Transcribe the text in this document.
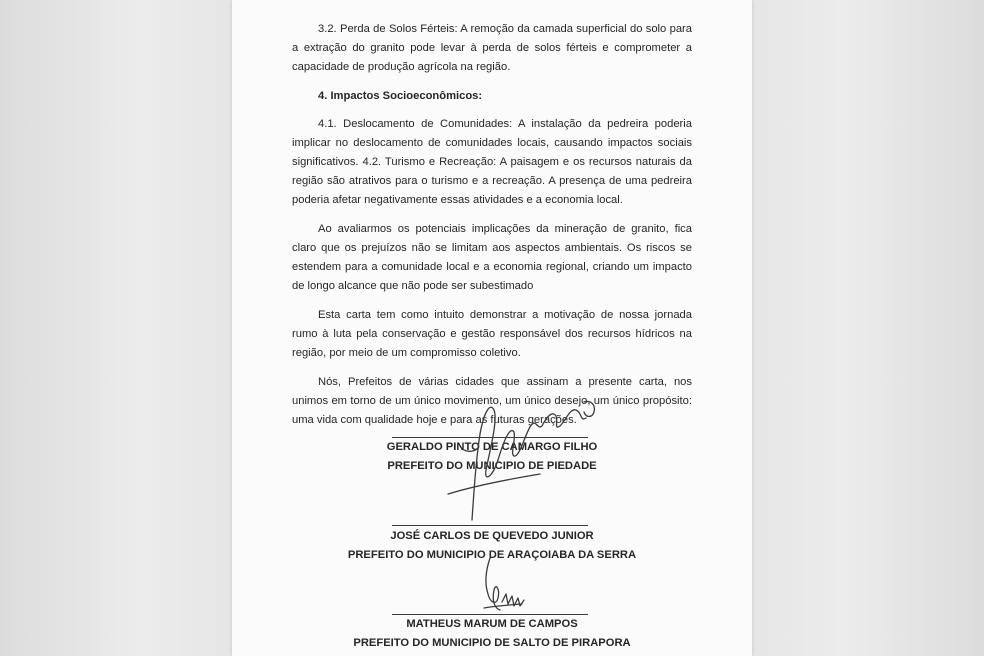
3.2. Perda de Solos Férteis: A remoção da camada superficial do solo para a extração do granito pode levar à perda de solos férteis e comprometer a capacidade de produção agrícola na região.

4. Impactos Socioeconômicos:

4.1. Deslocamento de Comunidades: A instalação da pedreira poderia implicar no deslocamento de comunidades locais, causando impactos sociais significativos. 4.2. Turismo e Recreação: A paisagem e os recursos naturais da região são atrativos para o turismo e a recreação. A presença de uma pedreira poderia afetar negativamente essas atividades e a economia local.

Ao avaliarmos os potenciais implicações da mineração de granito, fica claro que os prejuízos não se limitam aos aspectos ambientais. Os riscos se estendem para a comunidade local e a economia regional, criando um impacto de longo alcance que não pode ser subestimado

Esta carta tem como intuito demonstrar a motivação de nossa jornada rumo à luta pela conservação e gestão responsável dos recursos hídricos na região, por meio de um compromisso coletivo.

Nós, Prefeitos de várias cidades que assinam a presente carta, nos unimos em torno de um único movimento, um único desejo, um único propósito: uma vida com qualidade hoje e para as futuras gerações.

GERALDO PINTO DE CAMARGO FILHO
PREFEITO DO MUNICIPIO DE PIEDADE
JOSÉ CARLOS DE QUEVEDO JUNIOR
PREFEITO DO MUNICIPIO DE ARAÇOIABA DA SERRA
MATHEUS MARUM DE CAMPOS
PREFEITO DO MUNICIPIO DE SALTO DE PIRAPORA
